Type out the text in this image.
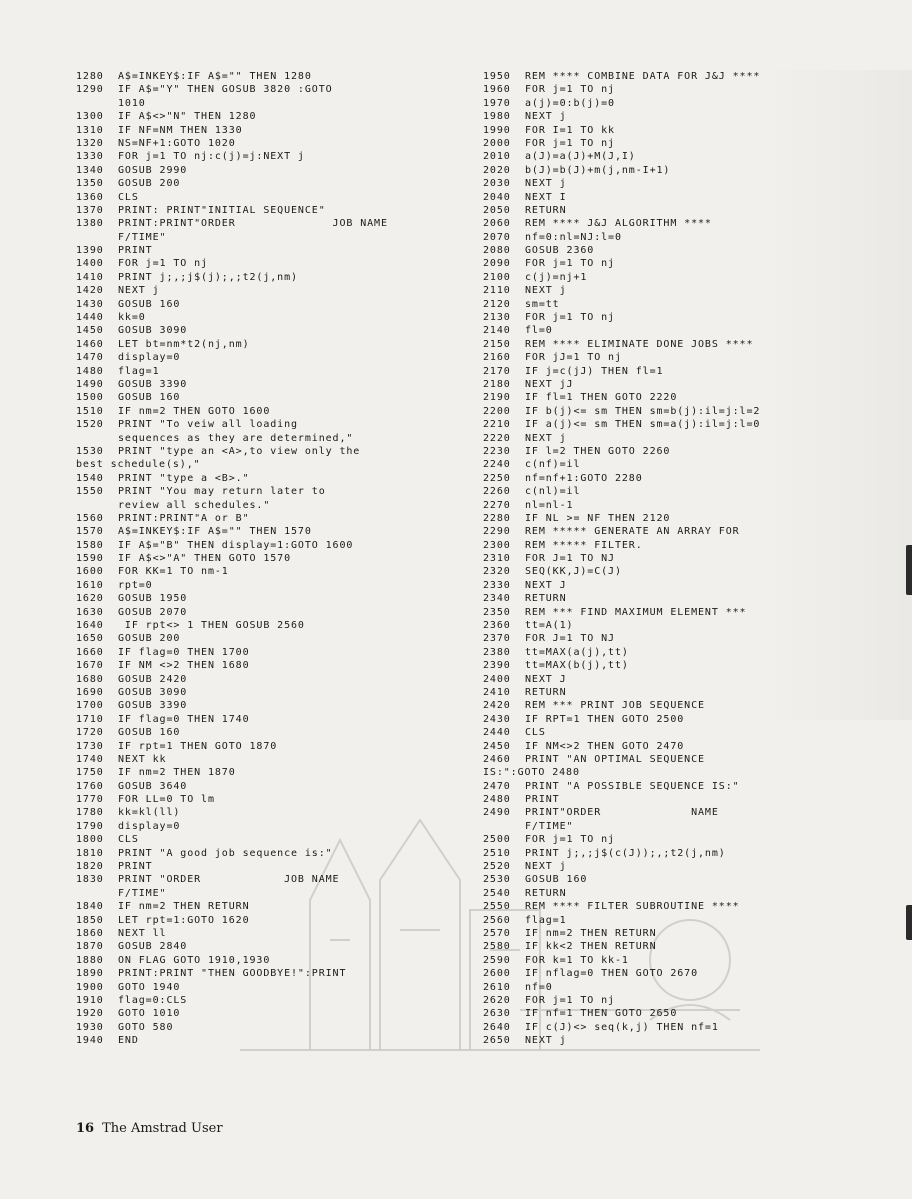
1280 A$=INKEY$:IF A$="" THEN 1280
1290 IF A$="Y" THEN GOSUB 3820 :GOTO
1010
1300 IF A$<>"N" THEN 1280
1310 IF NF=NM THEN 1330
1320 NS=NF+1:GOTO 1020
1330 FOR j=1 TO nj:c(j)=j:NEXT j
1340 GOSUB 2990
1350 GOSUB 200
1360 CLS
1370 PRINT: PRINT"INITIAL SEQUENCE"
1380 PRINT:PRINT"ORDER              JOB NAME
F/TIME"
1390 PRINT
1400 FOR j=1 TO nj
1410 PRINT j;,;j$(j);,;t2(j,nm)
1420 NEXT j
1430 GOSUB 160
1440 kk=0
1450 GOSUB 3090
1460 LET bt=nm*t2(nj,nm)
1470 display=0
1480 flag=1
1490 GOSUB 3390
1500 GOSUB 160
1510 IF nm=2 THEN GOTO 1600
1520 PRINT "To veiw all loading
sequences as they are determined,"
1530 PRINT "type an <A>,to view only the
best schedule(s),"
1540 PRINT "type a <B>."
1550 PRINT "You may return later to
review all schedules."
1560 PRINT:PRINT"A or B"
1570 A$=INKEY$:IF A$="" THEN 1570
1580 IF A$="B" THEN display=1:GOTO 1600
1590 IF A$<>"A" THEN GOTO 1570
1600 FOR KK=1 TO nm-1
1610 rpt=0
1620 GOSUB 1950
1630 GOSUB 2070
1640 IF rpt<> 1 THEN GOSUB 2560
1650 GOSUB 200
1660 IF flag=0 THEN 1700
1670 IF NM <>2 THEN 1680
1680 GOSUB 2420
1690 GOSUB 3090
1700 GOSUB 3390
1710 IF flag=0 THEN 1740
1720 GOSUB 160
1730 IF rpt=1 THEN GOTO 1870
1740 NEXT kk
1750 IF nm=2 THEN 1870
1760 GOSUB 3640
1770 FOR LL=0 TO lm
1780 kk=kl(ll)
1790 display=0
1800 CLS
1810 PRINT "A good job sequence is:"
1820 PRINT
1830 PRINT "ORDER            JOB NAME
F/TIME"
1840 IF nm=2 THEN RETURN
1850 LET rpt=1:GOTO 1620
1860 NEXT ll
1870 GOSUB 2840
1880 ON FLAG GOTO 1910,1930
1890 PRINT:PRINT "THEN GOODBYE!":PRINT
1900 GOTO 1940
1910 flag=0:CLS
1920 GOTO 1010
1930 GOTO 580
1940 END
1950 REM **** COMBINE DATA FOR J&J ****
1960 FOR j=1 TO nj
1970 a(j)=0:b(j)=0
1980 NEXT j
1990 FOR I=1 TO kk
2000 FOR j=1 TO nj
2010 a(J)=a(J)+M(J,I)
2020 b(J)=b(J)+m(j,nm-I+1)
2030 NEXT j
2040 NEXT I
2050 RETURN
2060 REM **** J&J ALGORITHM ****
2070 nf=0:nl=NJ:l=0
2080 GOSUB 2360
2090 FOR j=1 TO nj
2100 c(j)=nj+1
2110 NEXT j
2120 sm=tt
2130 FOR j=1 TO nj
2140 fl=0
2150 REM **** ELIMINATE DONE JOBS ****
2160 FOR jJ=1 TO nj
2170 IF j=c(jJ) THEN fl=1
2180 NEXT jJ
2190 IF fl=1 THEN GOTO 2220
2200 IF b(j)<= sm THEN sm=b(j):il=j:l=2
2210 IF a(j)<= sm THEN sm=a(j):il=j:l=0
2220 NEXT j
2230 IF l=2 THEN GOTO 2260
2240 c(nf)=il
2250 nf=nf+1:GOTO 2280
2260 c(nl)=il
2270 nl=nl-1
2280 IF NL >= NF THEN 2120
2290 REM ***** GENERATE AN ARRAY FOR
2300 REM ***** FILTER.
2310 FOR J=1 TO NJ
2320 SEQ(KK,J)=C(J)
2330 NEXT J
2340 RETURN
2350 REM *** FIND MAXIMUM ELEMENT ***
2360 tt=A(1)
2370 FOR J=1 TO NJ
2380 tt=MAX(a(j),tt)
2390 tt=MAX(b(j),tt)
2400 NEXT J
2410 RETURN
2420 REM *** PRINT JOB SEQUENCE
2430 IF RPT=1 THEN GOTO 2500
2440 CLS
2450 IF NM<>2 THEN GOTO 2470
2460 PRINT "AN OPTIMAL SEQUENCE
IS:":GOTO 2480
2470 PRINT "A POSSIBLE SEQUENCE IS:"
2480 PRINT
2490 PRINT"ORDER             NAME
F/TIME"
2500 FOR j=1 TO nj
2510 PRINT j;,;j$(c(J));,;t2(j,nm)
2520 NEXT j
2530 GOSUB 160
2540 RETURN
2550 REM **** FILTER SUBROUTINE ****
2560 flag=1
2570 IF nm=2 THEN RETURN
2580 IF kk<2 THEN RETURN
2590 FOR k=1 TO kk-1
2600 IF nflag=0 THEN GOTO 2670
2610 nf=0
2620 FOR j=1 TO nj
2630 IF nf=1 THEN GOTO 2650
2640 IF c(J)<> seq(k,j) THEN nf=1
2650 NEXT j
16 The Amstrad User
